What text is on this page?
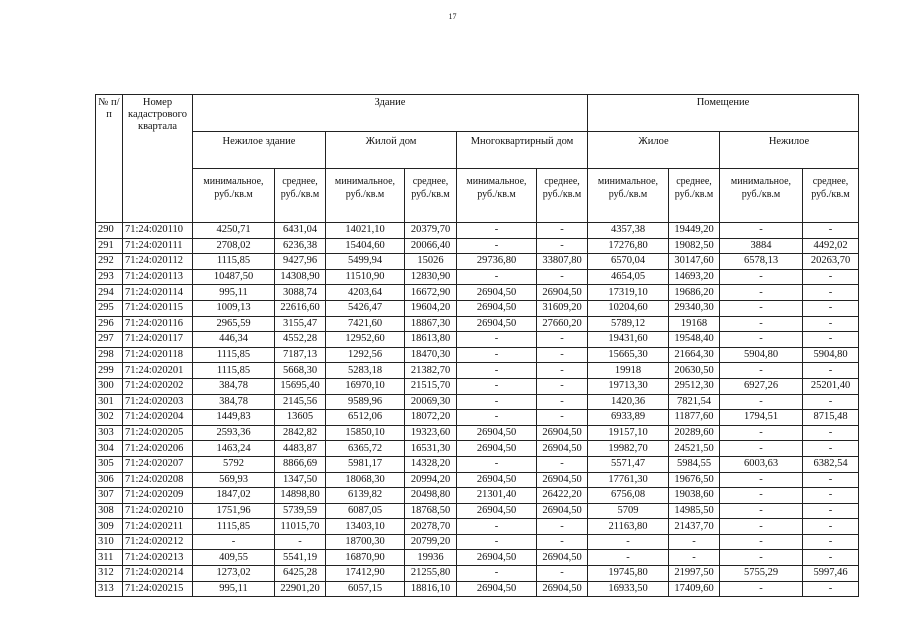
17
№ п/п	Номер кадастрового квартала	Здание						Помещение			
		Нежилое здание		Жилой дом		Многоквартирный дом		Жилое		Нежилое	
		минимальное, руб./кв.м	среднее, руб./кв.м	минимальное, руб./кв.м	среднее, руб./кв.м	минимальное, руб./кв.м	среднее, руб./кв.м	минимальное, руб./кв.м	среднее, руб./кв.м	минимальное, руб./кв.м	среднее, руб./кв.м
290	71:24:020110	4250,71	6431,04	14021,10	20379,70	-	-	4357,38	19449,20	-	-
291	71:24:020111	2708,02	6236,38	15404,60	20066,40	-	-	17276,80	19082,50	3884	4492,02
292	71:24:020112	1115,85	9427,96	5499,94	15026	29736,80	33807,80	6570,04	30147,60	6578,13	20263,70
293	71:24:020113	10487,50	14308,90	11510,90	12830,90	-	-	4654,05	14693,20	-	-
294	71:24:020114	995,11	3088,74	4203,64	16672,90	26904,50	26904,50	17319,10	19686,20	-	-
295	71:24:020115	1009,13	22616,60	5426,47	19604,20	26904,50	31609,20	10204,60	29340,30	-	-
296	71:24:020116	2965,59	3155,47	7421,60	18867,30	26904,50	27660,20	5789,12	19168	-	-
297	71:24:020117	446,34	4552,28	12952,60	18613,80	-	-	19431,60	19548,40	-	-
298	71:24:020118	1115,85	7187,13	1292,56	18470,30	-	-	15665,30	21664,30	5904,80	5904,80
299	71:24:020201	1115,85	5668,30	5283,18	21382,70	-	-	19918	20630,50	-	-
300	71:24:020202	384,78	15695,40	16970,10	21515,70	-	-	19713,30	29512,30	6927,26	25201,40
301	71:24:020203	384,78	2145,56	9589,96	20069,30	-	-	1420,36	7821,54	-	-
302	71:24:020204	1449,83	13605	6512,06	18072,20	-	-	6933,89	11877,60	1794,51	8715,48
303	71:24:020205	2593,36	2842,82	15850,10	19323,60	26904,50	26904,50	19157,10	20289,60	-	-
304	71:24:020206	1463,24	4483,87	6365,72	16531,30	26904,50	26904,50	19982,70	24521,50	-	-
305	71:24:020207	5792	8866,69	5981,17	14328,20	-	-	5571,47	5984,55	6003,63	6382,54
306	71:24:020208	569,93	1347,50	18068,30	20994,20	26904,50	26904,50	17761,30	19676,50	-	-
307	71:24:020209	1847,02	14898,80	6139,82	20498,80	21301,40	26422,20	6756,08	19038,60	-	-
308	71:24:020210	1751,96	5739,59	6087,05	18768,50	26904,50	26904,50	5709	14985,50	-	-
309	71:24:020211	1115,85	11015,70	13403,10	20278,70	-	-	21163,80	21437,70	-	-
310	71:24:020212	-	-	18700,30	20799,20	-	-	-	-	-	-
311	71:24:020213	409,55	5541,19	16870,90	19936	26904,50	26904,50	-	-	-	-
312	71:24:020214	1273,02	6425,28	17412,90	21255,80	-	-	19745,80	21997,50	5755,29	5997,46
313	71:24:020215	995,11	22901,20	6057,15	18816,10	26904,50	26904,50	16933,50	17409,60	-	-
